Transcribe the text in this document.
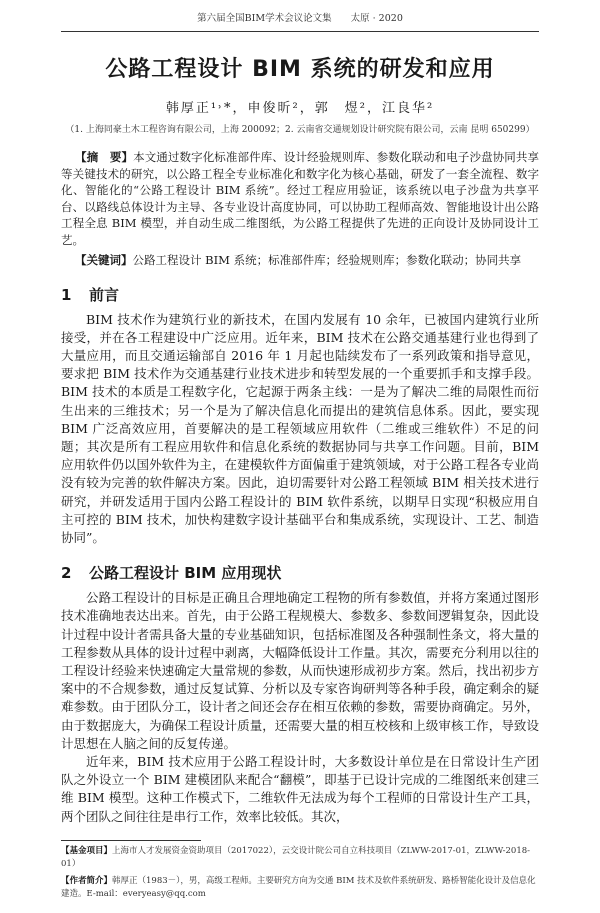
第六届全国BIM学术会议论文集 太原 · 2020
公路工程设计 BIM 系统的研发和应用
韩厚正¹˒*，申俊昕²，郭　煜²，江良华²
（1. 上海同豪土木工程咨询有限公司，上海 200092；2. 云南省交通规划设计研究院有限公司，云南 昆明 650299）
【摘　要】本文通过数字化标准部件库、设计经验规则库、参数化联动和电子沙盘协同共享等关键技术的研究，以公路工程全专业标准化和数字化为核心基础，研发了一套全流程、数字化、智能化的“公路工程设计 BIM 系统”。经过工程应用验证，该系统以电子沙盘为共享平台、以路线总体设计为主导、各专业设计高度协同，可以协助工程师高效、智能地设计出公路工程全息 BIM 模型，并自动生成二维图纸，为公路工程提供了先进的正向设计及协同设计工艺。
【关键词】公路工程设计 BIM 系统；标准部件库；经验规则库；参数化联动；协同共享
1 前言

BIM 技术作为建筑行业的新技术，在国内发展有 10 余年，已被国内建筑行业所接受，并在各工程建设中广泛应用。近年来，BIM 技术在公路交通基建行业也得到了大量应用，而且交通运输部自 2016 年 1 月起也陆续发布了一系列政策和指导意见，要求把 BIM 技术作为交通基建行业技术进步和转型发展的一个重要抓手和支撑手段。BIM 技术的本质是工程数字化，它起源于两条主线：一是为了解决二维的局限性而衍生出来的三维技术；另一个是为了解决信息化而提出的建筑信息体系。因此，要实现 BIM 广泛高效应用，首要解决的是工程领域应用软件（二维或三维软件）不足的问题；其次是所有工程应用软件和信息化系统的数据协同与共享工作问题。目前，BIM 应用软件仍以国外软件为主，在建模软件方面偏重于建筑领域，对于公路工程各专业尚没有较为完善的软件解决方案。因此，迫切需要针对公路工程领域 BIM 相关技术进行研究，并研发适用于国内公路工程设计的 BIM 软件系统，以期早日实现“积极应用自主可控的 BIM 技术，加快构建数字设计基础平台和集成系统，实现设计、工艺、制造协同”。

2 公路工程设计 BIM 应用现状

公路工程设计的目标是正确且合理地确定工程物的所有参数值，并将方案通过图形技术准确地表达出来。首先，由于公路工程规模大、参数多、参数间逻辑复杂，因此设计过程中设计者需具备大量的专业基础知识，包括标准图及各种强制性条文，将大量的工程参数从具体的设计过程中剥离，大幅降低设计工作量。其次，需要充分利用以往的工程设计经验来快速确定大量常规的参数，从而快速形成初步方案。然后，找出初步方案中的不合规参数，通过反复试算、分析以及专家咨询研判等各种手段，确定剩余的疑难参数。由于团队分工，设计者之间还会存在相互依赖的参数，需要协商确定。另外，由于数据庞大，为确保工程设计质量，还需要大量的相互校核和上级审核工作，导致设计思想在人脑之间的反复传递。

近年来，BIM 技术应用于公路工程设计时，大多数设计单位是在日常设计生产团队之外设立一个 BIM 建模团队来配合“翻模”，即基于已设计完成的二维图纸来创建三维 BIM 模型。这种工作模式下，二维软件无法成为每个工程师的日常设计生产工具，两个团队之间往往是串行工作，效率比较低。其次，

【基金项目】上海市人才发展资金资助项目（2017022），云交设计院公司自立科技项目（ZLWW-2017-01，ZLWW-2018-01）
【作者简介】韩厚正（1983－），男，高级工程师。主要研究方向为交通 BIM 技术及软件系统研发、路桥智能化设计及信息化建造。E-mail：everyeasy@qq.com
